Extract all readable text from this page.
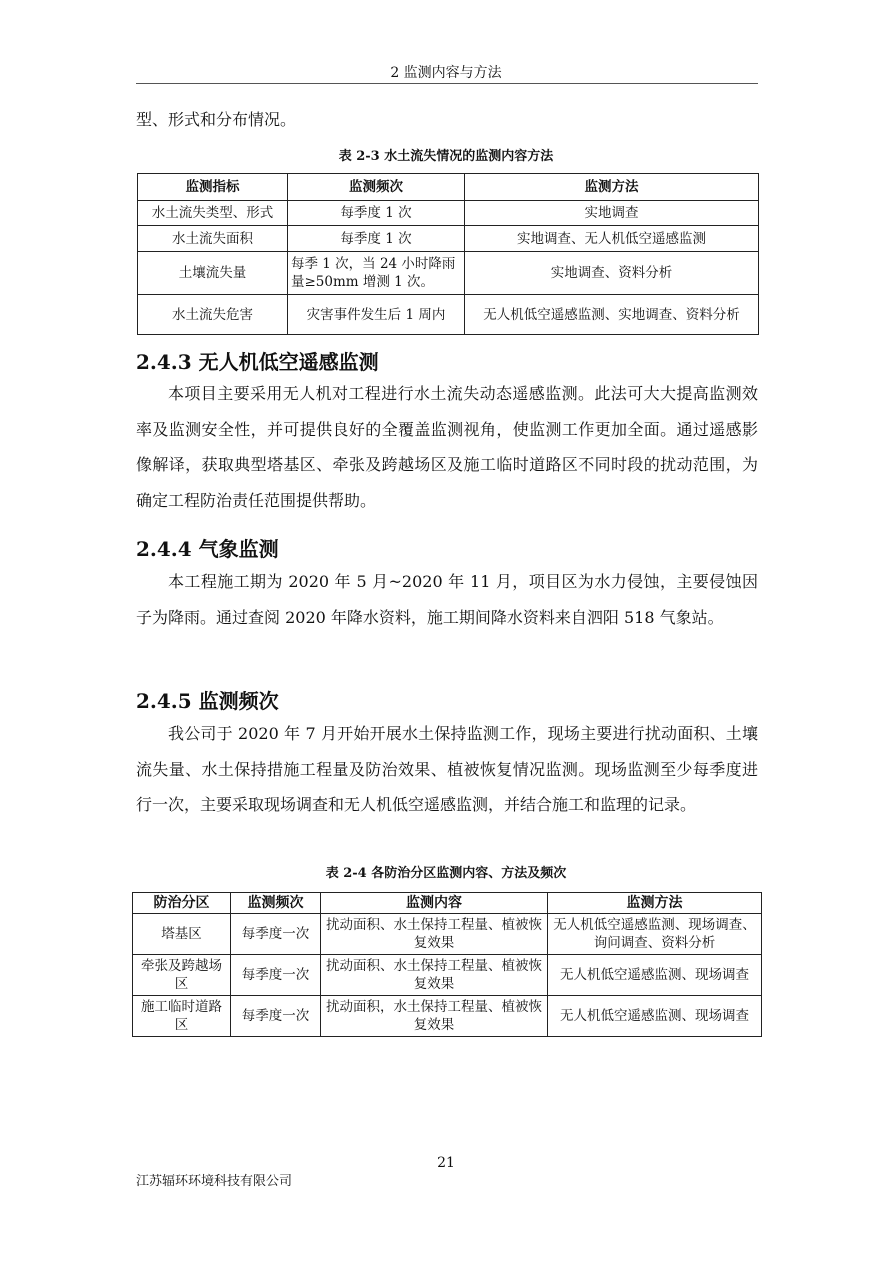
2 监测内容与方法
型、形式和分布情况。
表 2-3 水土流失情况的监测内容方法
监测指标	监测频次	监测方法
水土流失类型、形式	每季度 1 次	实地调查
水土流失面积	每季度 1 次	实地调查、无人机低空遥感监测
土壤流失量	每季 1 次，当 24 小时降雨量≥50mm 增测 1 次。	实地调查、资料分析
水土流失危害	灾害事件发生后 1 周内	无人机低空遥感监测、实地调查、资料分析
2.4.3 无人机低空遥感监测
本项目主要采用无人机对工程进行水土流失动态遥感监测。此法可大大提高监测效率及监测安全性，并可提供良好的全覆盖监测视角，使监测工作更加全面。通过遥感影像解译，获取典型塔基区、牵张及跨越场区及施工临时道路区不同时段的扰动范围，为确定工程防治责任范围提供帮助。
2.4.4 气象监测
本工程施工期为 2020 年 5 月~2020 年 11 月，项目区为水力侵蚀，主要侵蚀因子为降雨。通过查阅 2020 年降水资料，施工期间降水资料来自泗阳 518 气象站。
2.4.5 监测频次
我公司于 2020 年 7 月开始开展水土保持监测工作，现场主要进行扰动面积、土壤流失量、水土保持措施工程量及防治效果、植被恢复情况监测。现场监测至少每季度进行一次，主要采取现场调查和无人机低空遥感监测，并结合施工和监理的记录。
表 2-4 各防治分区监测内容、方法及频次
防治分区	监测频次	监测内容	监测方法
塔基区	每季度一次	扰动面积、水土保持工程量、植被恢复效果	无人机低空遥感监测、现场调查、询问调查、资料分析
牵张及跨越场区	每季度一次	扰动面积、水土保持工程量、植被恢复效果	无人机低空遥感监测、现场调查
施工临时道路区	每季度一次	扰动面积，水土保持工程量、植被恢复效果	无人机低空遥感监测、现场调查
21
江苏辐环环境科技有限公司
